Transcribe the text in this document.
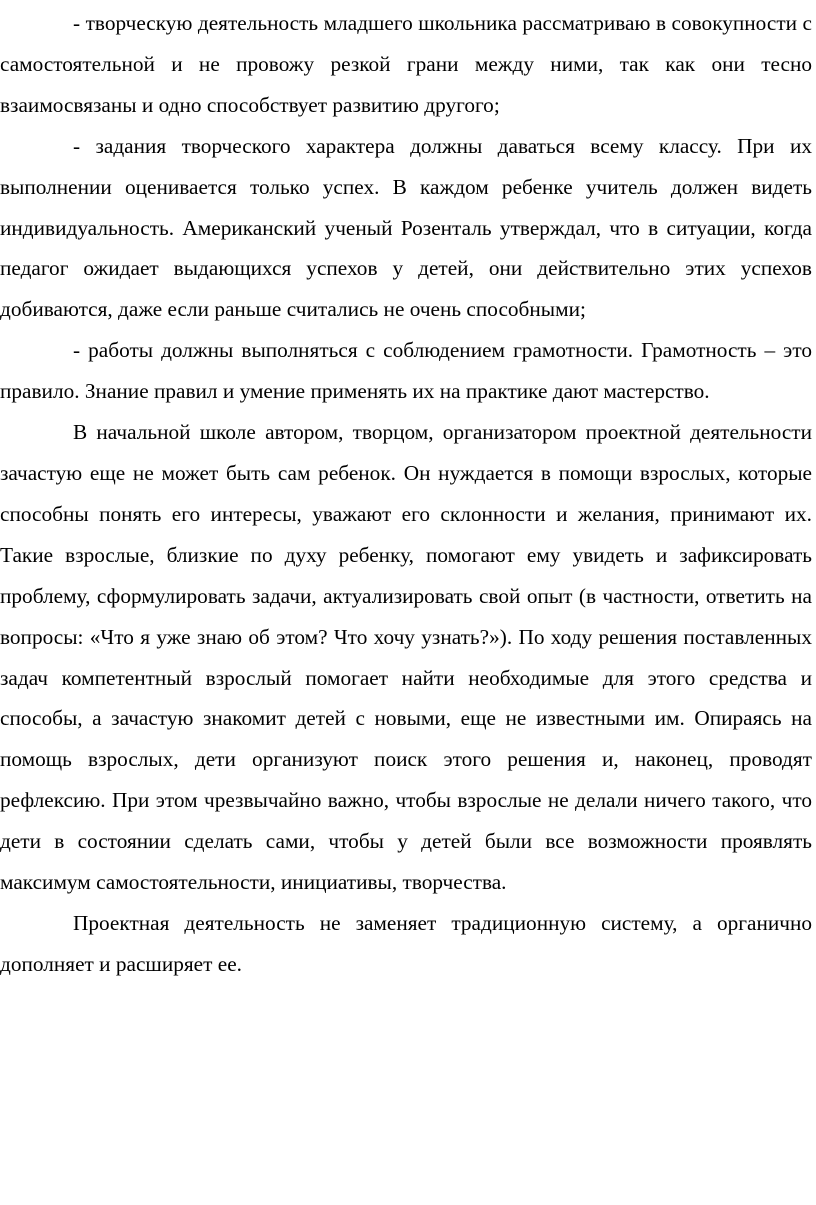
- творческую деятельность младшего школьника рассматриваю в совокупности с самостоятельной и не провожу резкой грани между ними, так как они тесно взаимосвязаны и одно способствует развитию другого;

- задания творческого характера должны даваться всему классу. При их выполнении оценивается только успех. В каждом ребенке учитель должен видеть индивидуальность. Американский ученый Розенталь утверждал, что в ситуации, когда педагог ожидает выдающихся успехов у детей, они действительно этих успехов добиваются, даже если раньше считались не очень способными;

- работы должны выполняться с соблюдением грамотности. Грамотность – это правило. Знание правил и умение применять их на практике дают мастерство.

В начальной школе автором, творцом, организатором проектной деятельности зачастую еще не может быть сам ребенок. Он нуждается в помощи взрослых, которые способны понять его интересы, уважают его склонности и желания, принимают их. Такие взрослые, близкие по духу ребенку, помогают ему увидеть и зафиксировать проблему, сформулировать задачи, актуализировать свой опыт (в частности, ответить на вопросы: «Что я уже знаю об этом? Что хочу узнать?»). По ходу решения поставленных задач компетентный взрослый помогает найти необходимые для этого средства и способы, а зачастую знакомит детей с новыми, еще не известными им. Опираясь на помощь взрослых, дети организуют поиск этого решения и, наконец, проводят рефлексию. При этом чрезвычайно важно, чтобы взрослые не делали ничего такого, что дети в состоянии сделать сами, чтобы у детей были все возможности проявлять максимум самостоятельности, инициативы, творчества.

Проектная деятельность не заменяет традиционную систему, а органично дополняет и расширяет ее.
